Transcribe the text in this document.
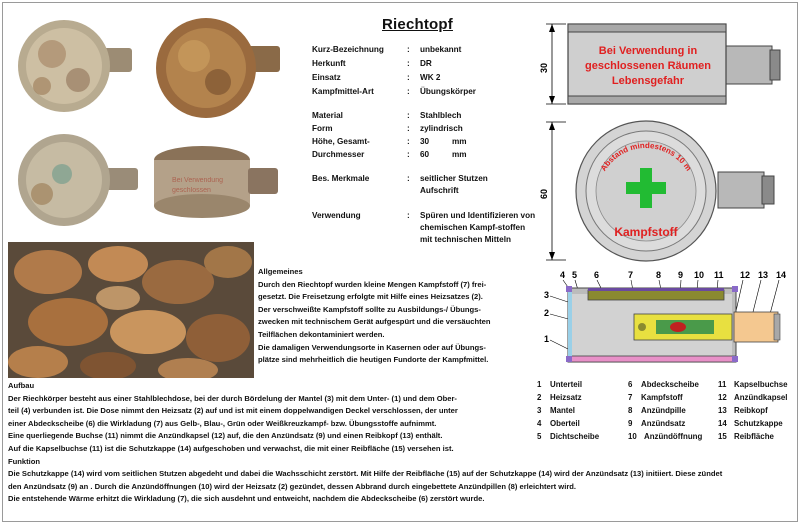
Bei Verwendung
geschlossen
Riechtopf
Kurz-Bezeichnung	:	unbekannt
Herkunft	:	DR
Einsatz	:	WK 2
Kampfmittel-Art	:	Übungskörper
Material	:	Stahlblech
Form	:	zylindrisch
Höhe, Gesamt-	:	30	mm
Durchmesser	:	60	mm
Bes. Merkmale	:	seitlicher Stutzen Aufschrift
Verwendung	:	Spüren und Identifizieren von chemischen Kampf-stoffen mit technischen Mitteln

Allgemeines

Durch den Riechtopf wurden kleine Mengen Kampfstoff (7) frei-

gesetzt. Die Freisetzung erfolgte mit Hilfe eines Heizsatzes (2).

Der verschweißte Kampfstoff sollte zu Ausbildungs-/ Übungs-

zwecken mit technischem Gerät aufgespürt und die versäuchten

Teilflächen dekontaminiert werden.

Die damaligen Verwendungsorte in Kasernen oder auf Übungs-

plätze sind mehrheitlich die heutigen Fundorte der Kampfmittel.

Aufbau

Der Riechkörper besteht aus einer Stahlblechdose, bei der durch Bördelung der Mantel (3) mit dem Unter- (1) und dem Ober-

teil (4) verbunden ist. Die Dose nimmt den Heizsatz (2) auf und ist mit einem doppelwandigen Deckel verschlossen, der unter

einer Abdeckscheibe (6) die Wirkladung (7) aus Gelb-, Blau-, Grün oder Weißkreuzkampf- bzw. Übungsstoffe aufnimmt.

Eine querliegende Buchse (11) nimmt die Anzündkapsel (12) auf, die den Anzündsatz (9) und einen Reibkopf (13) enthält.

Auf die Kapselbuchse (11) ist die Schutzkappe (14) aufgeschoben und verwachst, die mit einer Reibfläche (15) versehen ist.

Funktion

Die Schutzkappe (14) wird vom seitlichen Stutzen abgedeht und dabei die Wachsschicht zerstört. Mit Hilfe der Reibfläche (15) auf der Schutzkappe (14) wird der Anzündsatz (13) initiiert. Diese zündet

den Anzündsatz (9) an . Durch die Anzündöffnungen (10) wird der Heizsatz (2) gezündet, dessen Abbrand durch eingebettete Anzündpillen (8) erleichtert wird.

Die entstehende Wärme erhitzt die Wirkladung (7), die sich ausdehnt und entweicht, nachdem die Abdeckscheibe (6) zerstört wurde.

1 Unterteil
2 Heizsatz
3 Mantel
4 Oberteil
5 Dichtscheibe
6 Abdeckscheibe
7 Kampfstoff
8 Anzündpille
9 Anzündsatz
10 Anzündöffnung
11 Kapselbuchse
12 Anzündkapsel
13 Reibkopf
14 Schutzkappe
15 Reibfläche
30
Bei Verwendung in
geschlossenen Räumen
Lebensgefahr
60
Abstand mindestens 10 m
Kampfstoff
4 5 6	7	8 9 10 11 12 13 14
3
2
1
